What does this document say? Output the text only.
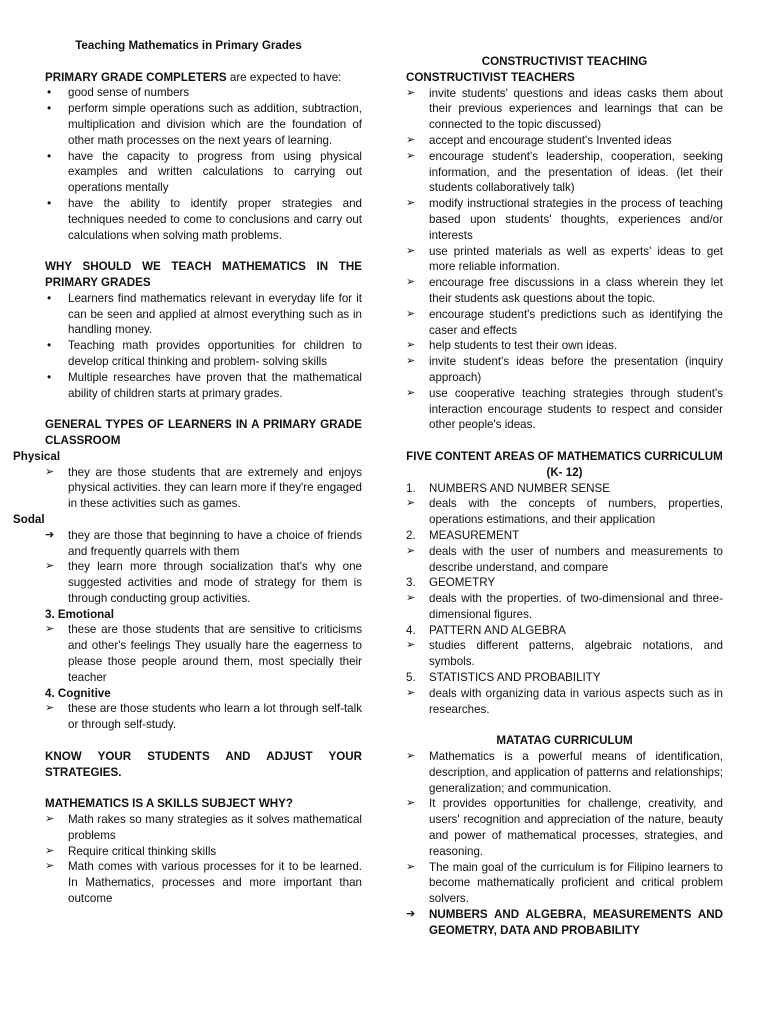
Teaching Mathematics in Primary Grades

PRIMARY GRADE COMPLETERS are expected to have:

• good sense of numbers
• perform simple operations such as addition, subtraction, multiplication and division which are the foundation of other math processes on the next years of learning.
• have the capacity to progress from using physical examples and written calculations to carrying out operations mentally
• have the ability to identify proper strategies and techniques needed to come to conclusions and carry out calculations when solving math problems.

WHY SHOULD WE TEACH MATHEMATICS IN THE PRIMARY GRADES

• Learners find mathematics relevant in everyday life for it can be seen and applied at almost everything such as in handling money.
• Teaching math provides opportunities for children to develop critical thinking and problem- solving skills
• Multiple researches have proven that the mathematical ability of children starts at primary grades.

GENERAL TYPES OF LEARNERS IN A PRIMARY GRADE CLASSROOM

Physical

➢ they are those students that are extremely and enjoys physical activities. they can learn more if they're engaged in these activities such as games.

Sodal

➔ they are those that beginning to have a choice of friends and frequently quarrels with them
➢ they learn more through socialization that's why one suggested activities and mode of strategy for them is through conducting group activities.

3. Emotional

➢ these are those students that are sensitive to criticisms and other's feelings They usually hare the eagerness to please those people around them, most specially their teacher

4. Cognitive

➢ these are those students who learn a lot through self-talk or through self-study.

KNOW YOUR STUDENTS AND ADJUST YOUR STRATEGIES.

MATHEMATICS IS A SKILLS SUBJECT WHY?

➢ Math rakes so many strategies as it solves mathematical problems
➢ Require critical thinking skills
➢ Math comes with various processes for it to be learned. In Mathematics, processes and more important than outcome

CONSTRUCTIVIST TEACHING

CONSTRUCTIVIST TEACHERS

➢ invite students' questions and ideas casks them about their previous experiences and learnings that can be connected to the topic discussed)
➢ accept and encourage student's Invented ideas
➢ encourage student's leadership, cooperation, seeking information, and the presentation of ideas. (let their students collaboratively talk)
➢ modify instructional strategies in the process of teaching based upon students' thoughts, experiences and/or interests
➢ use printed materials as well as experts' ideas to get more reliable information.
➢ encourage free discussions in a class wherein they let their students ask questions about the topic.
➢ encourage student's predictions such as identifying the caser and effects
➢ help students to test their own ideas.
➢ invite student's ideas before the presentation (inquiry approach)
➢ use cooperative teaching strategies through student's interaction encourage students to respect and consider other people's ideas.

FIVE CONTENT AREAS OF MATHEMATICS CURRICULUM (K- 12)

1. NUMBERS AND NUMBER SENSE
➢ deals with the concepts of numbers, properties, operations estimations, and their application
2. MEASUREMENT
➢ deals with the user of numbers and measurements to describe understand, and compare
3. GEOMETRY
➢ deals with the properties. of two-dimensional and three-dimensional figures.
4. PATTERN AND ALGEBRA
➢ studies different patterns, algebraic notations, and symbols.
5. STATISTICS AND PROBABILITY
➢ deals with organizing data in various aspects such as in researches.

MATATAG CURRICULUM

➢ Mathematics is a powerful means of identification, description, and application of patterns and relationships; generalization; and communication.
➢ It provides opportunities for challenge, creativity, and users' recognition and appreciation of the nature, beauty and power of mathematical processes, strategies, and reasoning.
➢ The main goal of the curriculum is for Filipino learners to become mathematically proficient and critical problem solvers.
➔ NUMBERS AND ALGEBRA, MEASUREMENTS AND GEOMETRY, DATA AND PROBABILITY
